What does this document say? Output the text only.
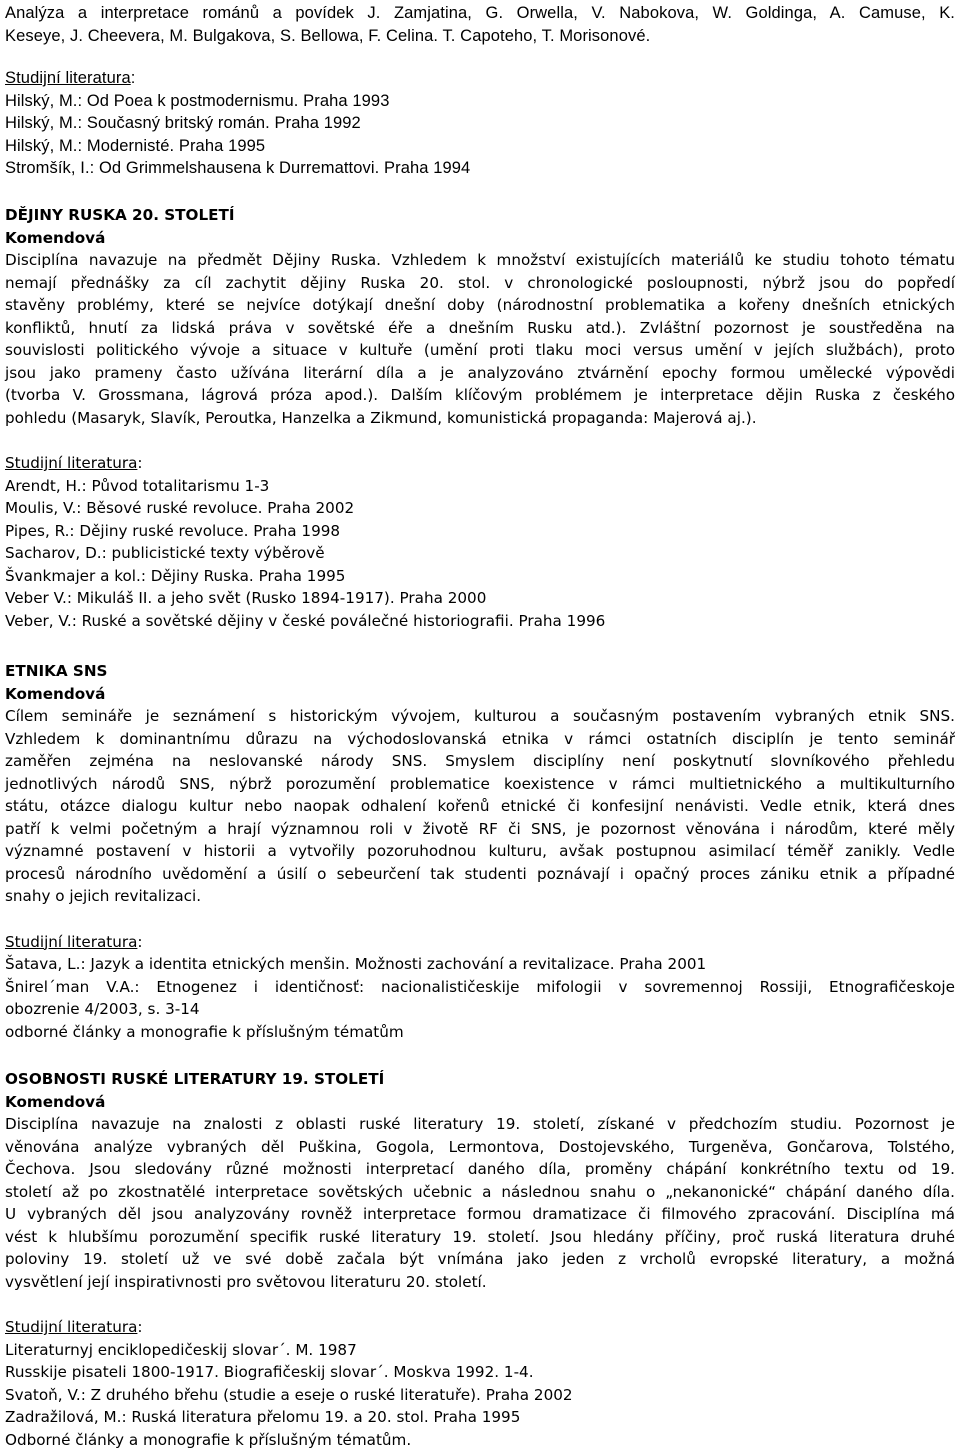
Analýza a interpretace románů a povídek J. Zamjatina, G. Orwella, V. Nabokova, W. Goldinga, A. Camuse, K.
Keseye, J. Cheevera, M. Bulgakova, S. Bellowa, F. Celina. T. Capoteho, T. Morisonové.
Studijní literatura:
Hilský, M.: Od Poea k postmodernismu. Praha 1993
Hilský, M.: Současný britský román. Praha 1992
Hilský, M.: Modernisté. Praha 1995
Stromšík, I.: Od Grimmelshausena k Durremattovi. Praha 1994
DĚJINY RUSKA 20. STOLETÍ
Komendová
Disciplína navazuje na předmět Dějiny Ruska. Vzhledem k množství existujících materiálů ke studiu tohoto tématu
nemají přednášky za cíl zachytit dějiny Ruska 20. stol. v chronologické posloupnosti, nýbrž jsou do popředí
stavěny problémy, které se nejvíce dotýkají dnešní doby (národnostní problematika a kořeny dnešních etnických
konfliktů, hnutí za lidská práva v sovětské éře a dnešním Rusku atd.). Zvláštní pozornost je soustředěna na
souvislosti politického vývoje a situace v kultuře (umění proti tlaku moci versus umění v jejích službách), proto
jsou jako prameny často užívána literární díla a je analyzováno ztvárnění epochy formou umělecké výpovědi
(tvorba V. Grossmana, lágrová próza apod.). Dalším klíčovým problémem je interpretace dějin Ruska z českého
pohledu (Masaryk, Slavík, Peroutka, Hanzelka a Zikmund, komunistická propaganda: Majerová aj.).
Studijní literatura:
Arendt, H.: Původ totalitarismu 1-3
Moulis, V.: Běsové ruské revoluce. Praha 2002
Pipes, R.: Dějiny ruské revoluce. Praha 1998
Sacharov, D.: publicistické texty výběrově
Švankmajer a kol.: Dějiny Ruska. Praha 1995
Veber V.: Mikuláš II. a jeho svět (Rusko 1894-1917). Praha 2000
Veber, V.: Ruské a sovětské dějiny v české poválečné historiografii. Praha 1996
ETNIKA SNS
Komendová
Cílem semináře je seznámení s historickým vývojem, kulturou a současným postavením vybraných etnik SNS.
Vzhledem k dominantnímu důrazu na východoslovanská etnika v rámci ostatních disciplín je tento seminář
zaměřen zejména na neslovanské národy SNS. Smyslem disciplíny není poskytnutí slovníkového přehledu
jednotlivých národů SNS, nýbrž porozumění problematice koexistence v rámci multietnického a multikulturního
státu, otázce dialogu kultur nebo naopak odhalení kořenů etnické či konfesijní nenávisti. Vedle etnik, která dnes
patří k velmi početným a hrají významnou roli v životě RF či SNS, je pozornost věnována i národům, které měly
významné postavení v historii a vytvořily pozoruhodnou kulturu, avšak postupnou asimilací téměř zanikly. Vedle
procesů národního uvědomění a úsilí o sebeurčení tak studenti poznávají i opačný proces zániku etnik a případné
snahy o jejich revitalizaci.
Studijní literatura:
Šatava, L.: Jazyk a identita etnických menšin. Možnosti zachování a revitalizace. Praha 2001
Šnirel´man V.A.: Etnogenez i identičnosť: nacionalističeskije mifologii v sovremennoj Rossiji, Etnografičeskoje
obozrenie 4/2003, s. 3-14
odborné články a monografie k příslušným tématům
OSOBNOSTI RUSKÉ LITERATURY 19. STOLETÍ
Komendová
Disciplína navazuje na znalosti z oblasti ruské literatury 19. století, získané v předchozím studiu. Pozornost je
věnována analýze vybraných děl Puškina, Gogola, Lermontova, Dostojevského, Turgeněva, Gončarova, Tolstého,
Čechova. Jsou sledovány různé možnosti interpretací daného díla, proměny chápání konkrétního textu od 19.
století až po zkostnatělé interpretace sovětských učebnic a následnou snahu o „nekanonické“ chápání daného díla.
U vybraných děl jsou analyzovány rovněž interpretace formou dramatizace či filmového zpracování. Disciplína má
vést k hlubšímu porozumění specifik ruské literatury 19. století. Jsou hledány příčiny, proč ruská literatura druhé
poloviny 19. století už ve své době začala být vnímána jako jeden z vrcholů evropské literatury, a možná
vysvětlení její inspirativnosti pro světovou literaturu 20. století.
Studijní literatura:
Literaturnyj enciklopedičeskij slovar´. M. 1987
Russkije pisateli 1800-1917. Biografičeskij slovar´. Moskva 1992. 1-4.
Svatoň, V.: Z druhého břehu (studie a eseje o ruské literatuře). Praha 2002
Zadražilová, M.: Ruská literatura přelomu 19. a 20. stol. Praha 1995
Odborné články a monografie k příslušným tématům.
